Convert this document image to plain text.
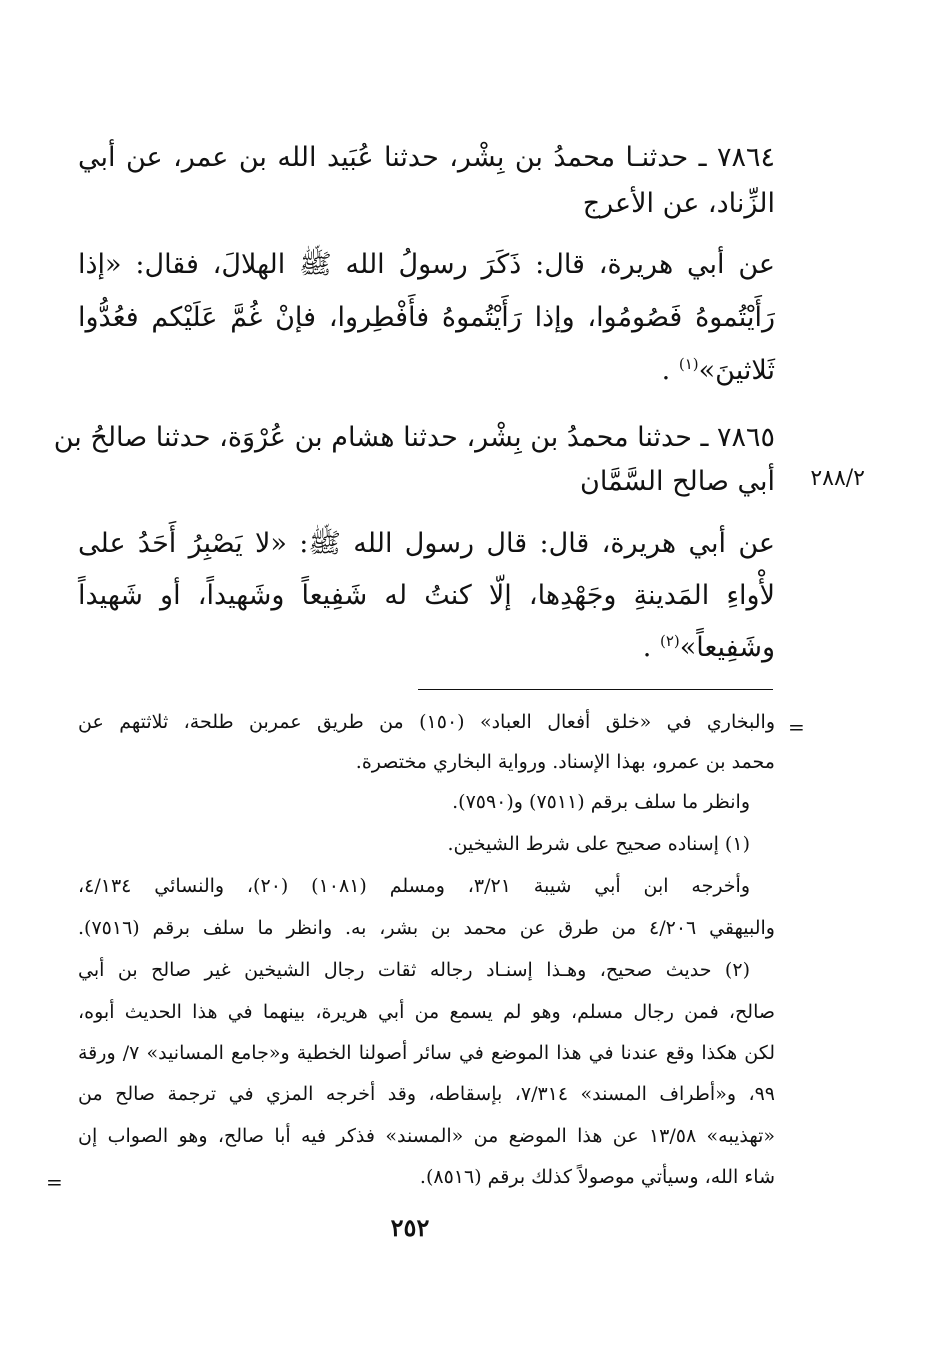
٧٨٦٤ ـ حدثنـا محمدُ بن بِشْر، حدثنا عُبَيد الله بن عمر، عن أبي
الزِّناد، عن الأعرج
عن أبي هريرة، قال: ذَكَرَ رسولُ الله ﷺ الهلالَ، فقال: «إذا
رَأَيْتُموهُ فَصُومُوا، وإذا رَأَيْتُموهُ فأَفْطِروا، فإنْ غُمَّ عَلَيْكم فعُدُّوا
ثَلاثينَ»$^{(١)}$ .
٧٨٦٥ ـ حدثنا محمدُ بن بِشْر، حدثنا هشام بن عُرْوَة، حدثنا صالحُ بن
أبي صالح السَّمَّان ٢٨٨/٢
عن أبي هريرة، قال: قال رسول الله ﷺ: «لا يَصْبِرُ أَحَدُ على
لأْواءِ المَدينةِ وجَهْدِها، إلّا كنتُ له شَفِيعاً وشَهيداً، أو شَهيداً
وشَفِيعاً»$^{(٢)}$ .
=
والبخاري في «خلق أفعال العباد» (١٥٠) من طريق عمربن طلحة، ثلاثتهم عن
محمد بن عمرو، بهذا الإسناد. ورواية البخاري مختصرة.
وانظر ما سلف برقم (٧٥١١) و(٧٥٩٠).
(١) إسناده صحيح على شرط الشيخين.
وأخرجه ابن أبي شيبة ٣/٢١، ومسلم (١٠٨١) (٢٠)، والنسائي ٤/١٣٤،
والبيهقي ٤/٢٠٦ من طرق عن محمد بن بشر، به. وانظر ما سلف برقم (٧٥١٦).
(٢) حديث صحيح، وهـذا إسنـاد رجاله ثقات رجال الشيخين غير صالح بن أبي
صالح، فمن رجال مسلم، وهو لم يسمع من أبي هريرة، بينهما في هذا الحديث أبوه،
لكن هكذا وقع عندنا في هذا الموضع في سائر أصولنا الخطية و«جامع المسانيد» ٧/ ورقة
٩٩، و«أطراف المسند» ٧/٣١٤، بإسقاطه، وقد أخرجه المزي في ترجمة صالح من
«تهذيبه» ١٣/٥٨ عن هذا الموضع من «المسند» فذكر فيه أبا صالح، وهو الصواب إن
شاء الله، وسيأتي موصولاً كذلك برقم (٨٥١٦).
=
٢٥٢
